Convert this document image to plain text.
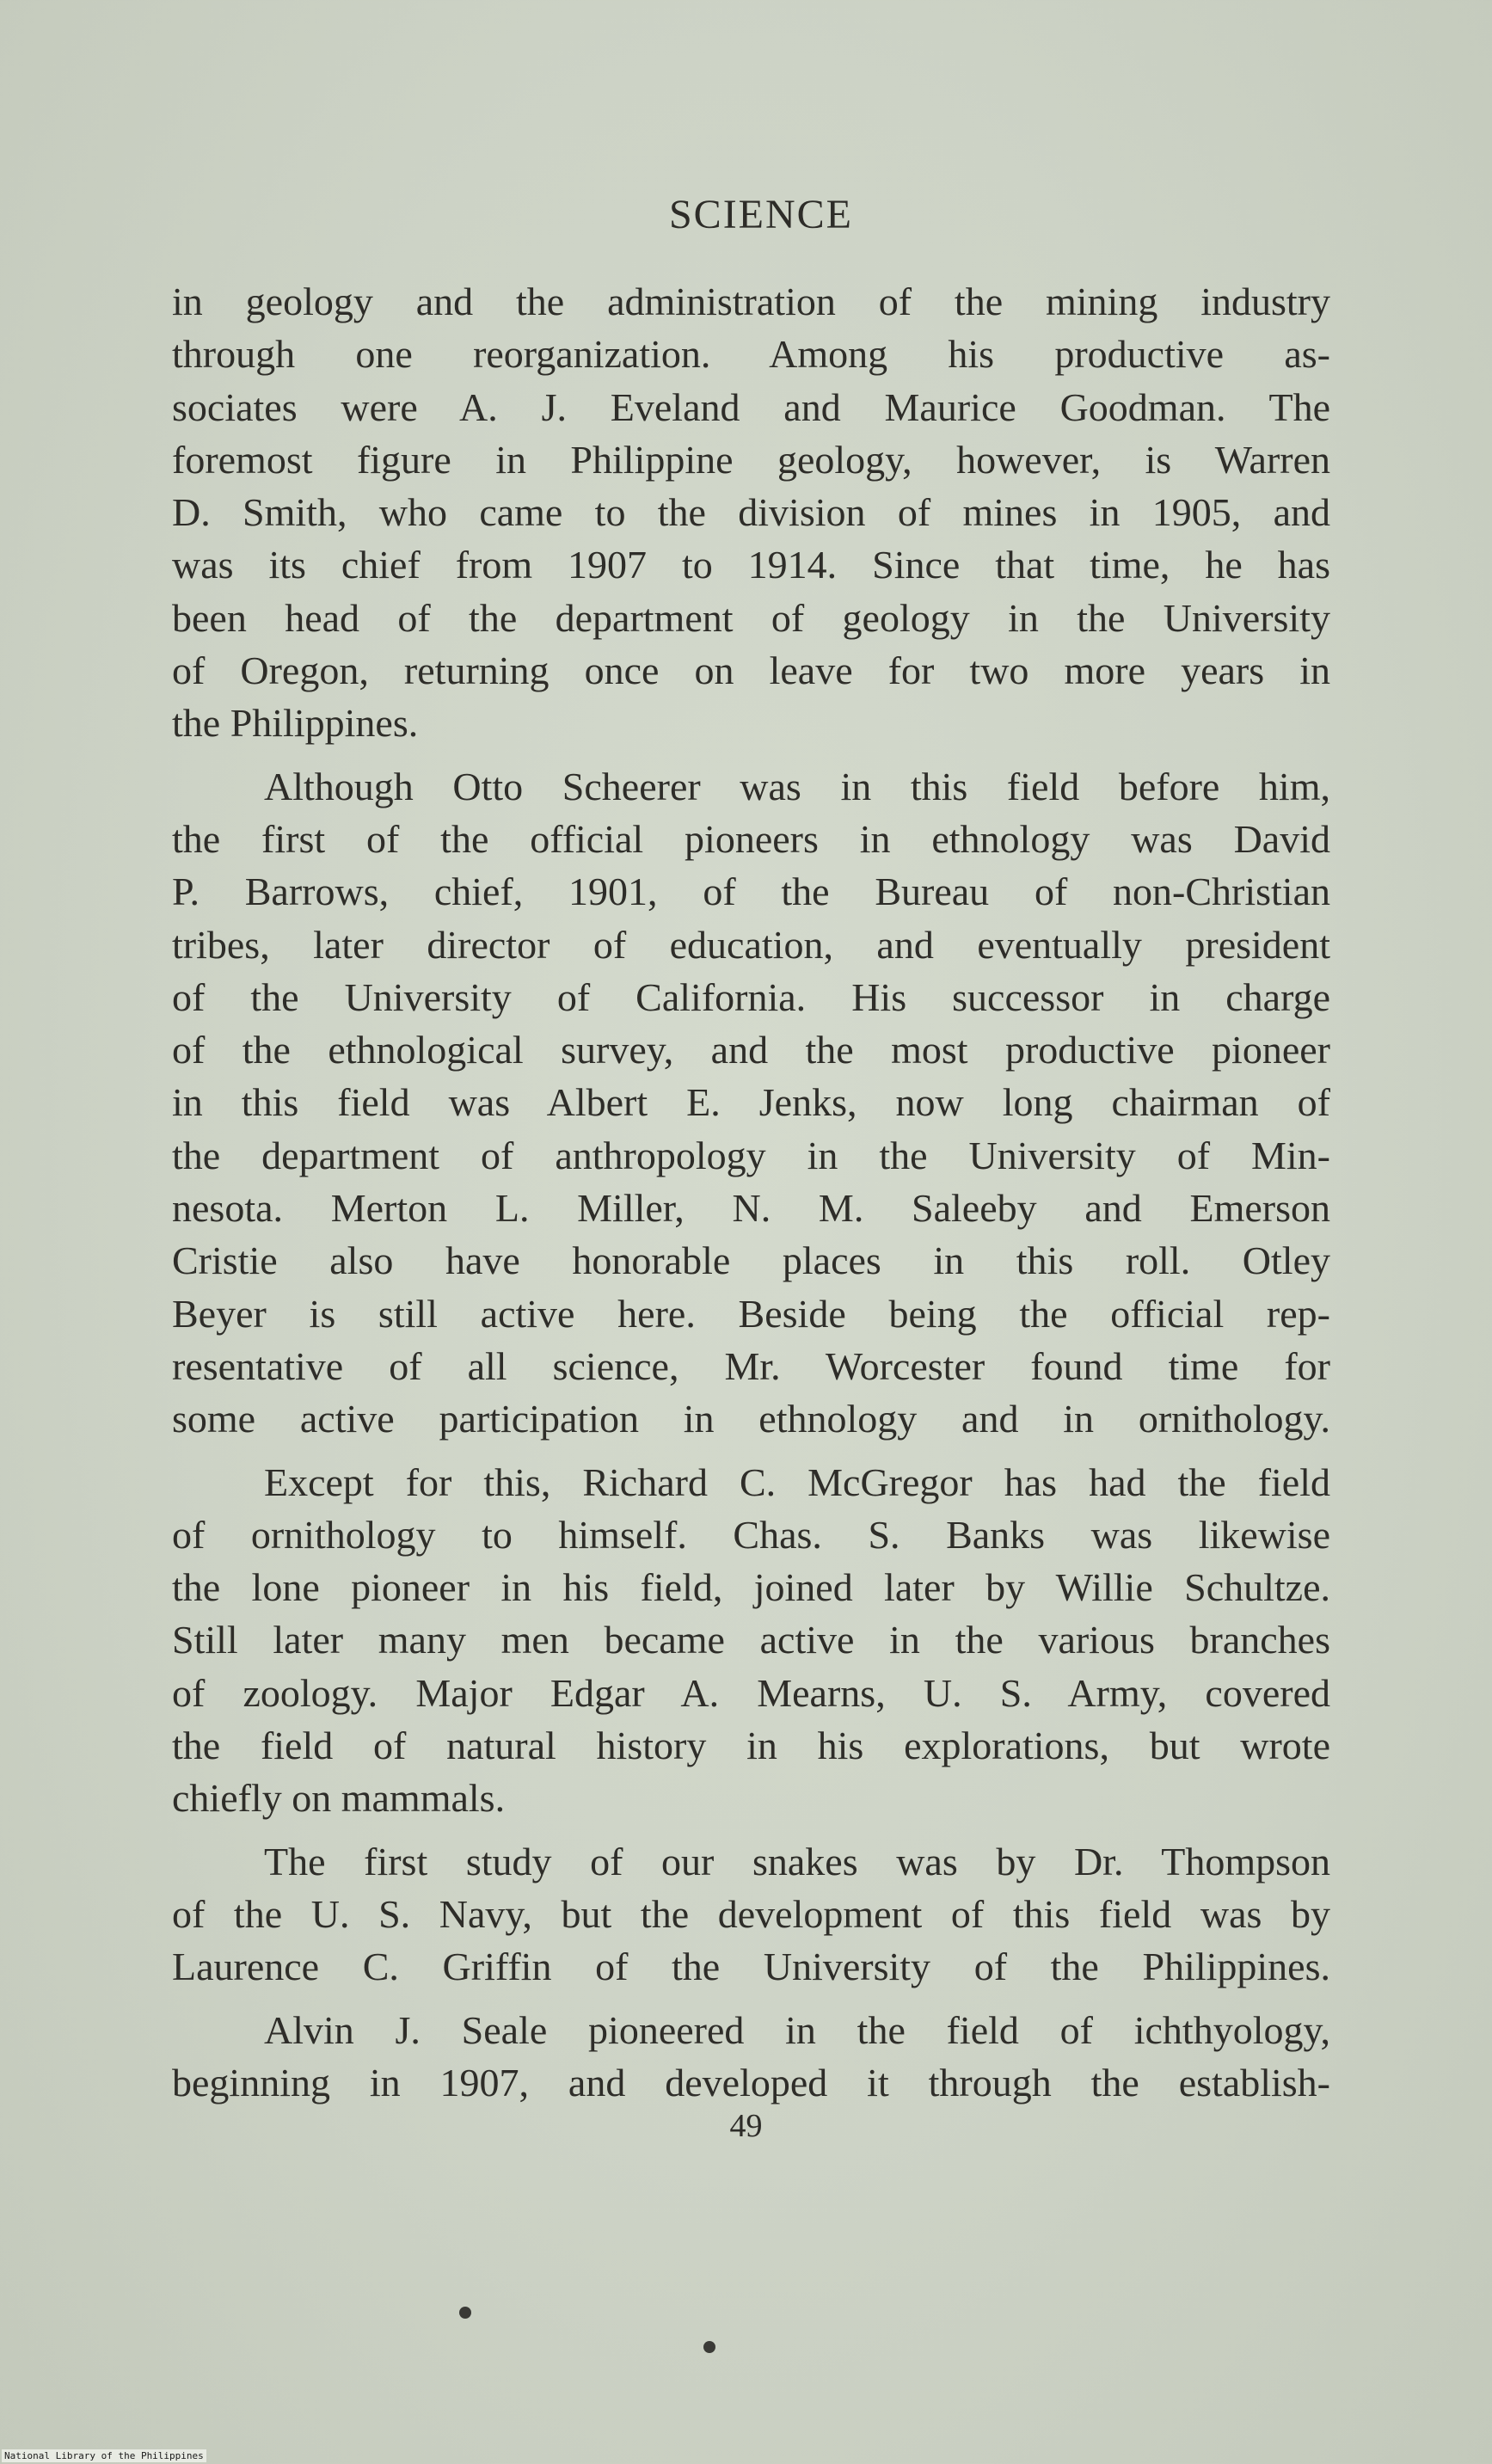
SCIENCE

in geology and the administration of the mining industry
through one reorganization. Among his productive as-
sociates were A. J. Eveland and Maurice Goodman. The
foremost figure in Philippine geology, however, is Warren
D. Smith, who came to the division of mines in 1905, and
was its chief from 1907 to 1914. Since that time, he has
been head of the department of geology in the University
of Oregon, returning once on leave for two more years in
the Philippines.

Although Otto Scheerer was in this field before him,
the first of the official pioneers in ethnology was David
P. Barrows, chief, 1901, of the Bureau of non-Christian
tribes, later director of education, and eventually president
of the University of California. His successor in charge
of the ethnological survey, and the most productive pioneer
in this field was Albert E. Jenks, now long chairman of
the department of anthropology in the University of Min-
nesota. Merton L. Miller, N. M. Saleeby and Emerson
Cristie also have honorable places in this roll. Otley
Beyer is still active here. Beside being the official rep-
resentative of all science, Mr. Worcester found time for
some active participation in ethnology and in ornithology.

Except for this, Richard C. McGregor has had the field
of ornithology to himself. Chas. S. Banks was likewise
the lone pioneer in his field, joined later by Willie Schultze.
Still later many men became active in the various branches
of zoology. Major Edgar A. Mearns, U. S. Army, covered
the field of natural history in his explorations, but wrote
chiefly on mammals.

The first study of our snakes was by Dr. Thompson
of the U. S. Navy, but the development of this field was by
Laurence C. Griffin of the University of the Philippines.

Alvin J. Seale pioneered in the field of ichthyology,
beginning in 1907, and developed it through the establish-

49
National Library of the Philippines
